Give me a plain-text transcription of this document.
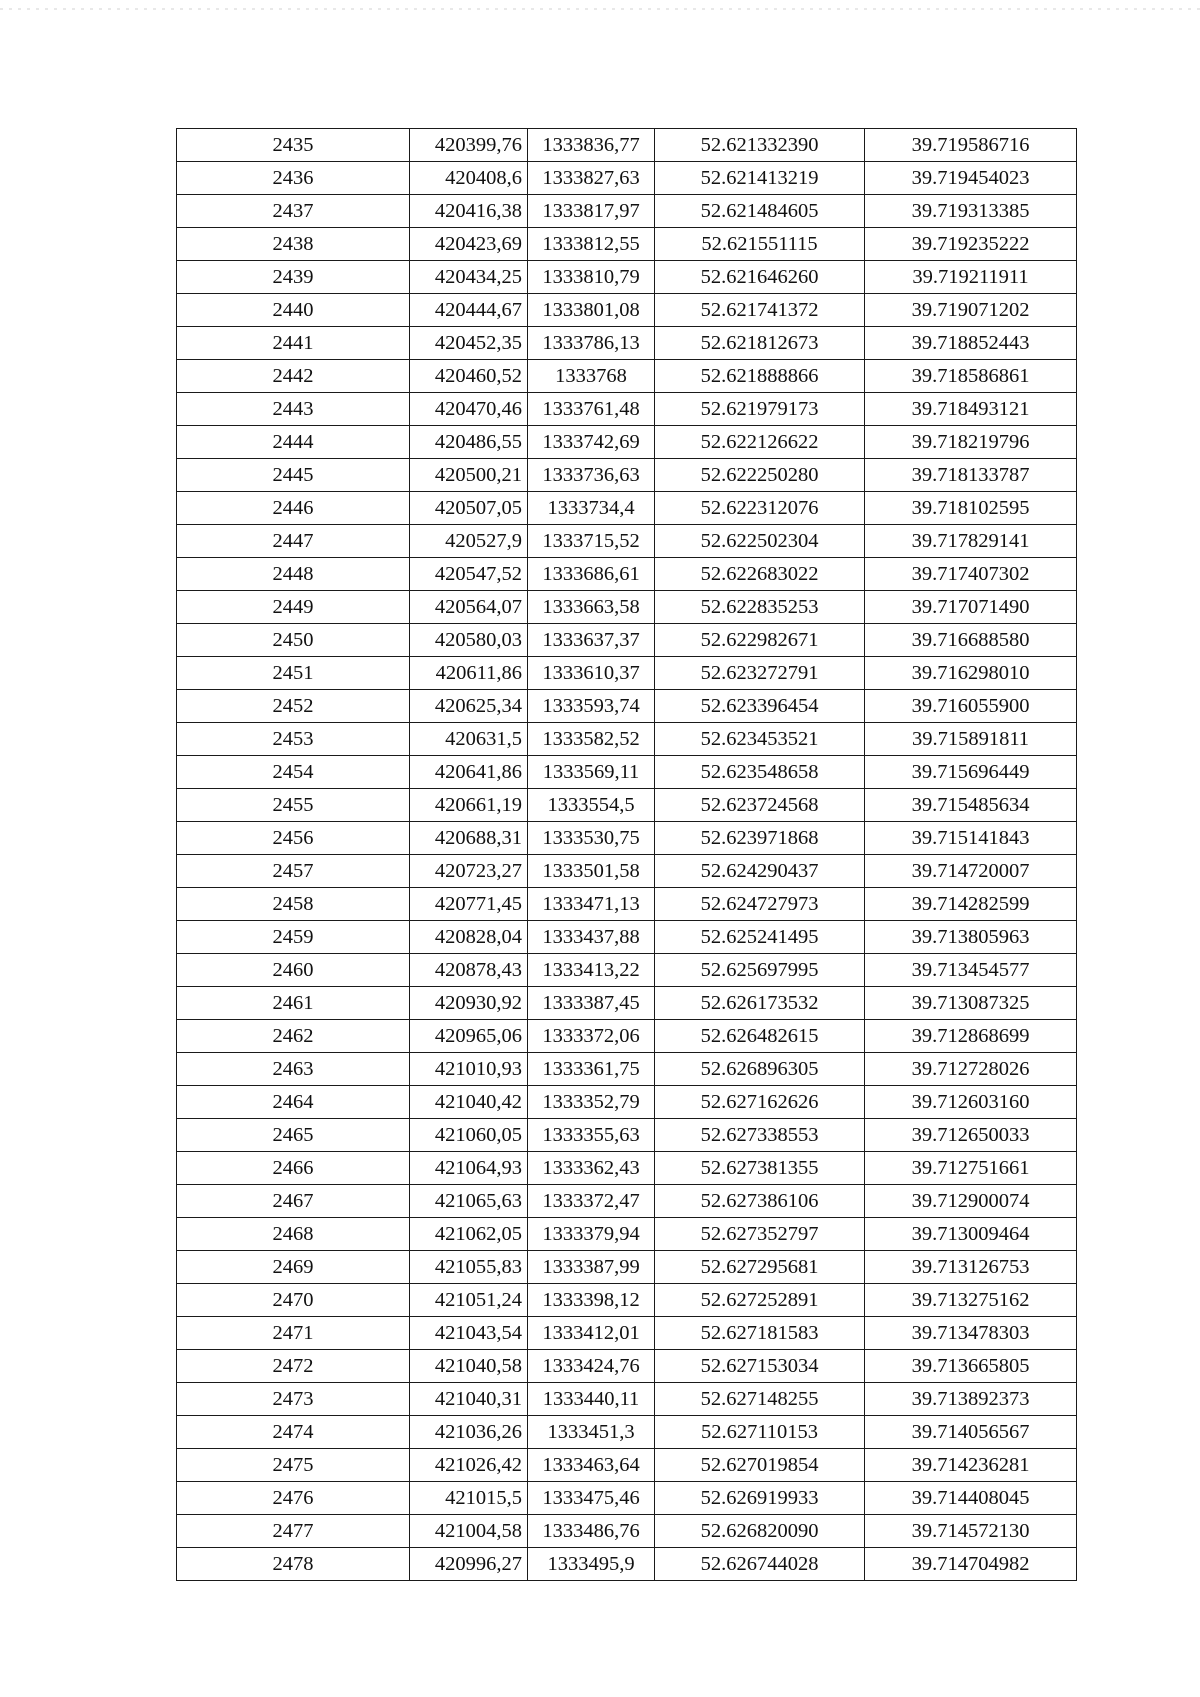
2435	420399,76	1333836,77	52.621332390	39.719586716
2436	420408,6	1333827,63	52.621413219	39.719454023
2437	420416,38	1333817,97	52.621484605	39.719313385
2438	420423,69	1333812,55	52.621551115	39.719235222
2439	420434,25	1333810,79	52.621646260	39.719211911
2440	420444,67	1333801,08	52.621741372	39.719071202
2441	420452,35	1333786,13	52.621812673	39.718852443
2442	420460,52	1333768	52.621888866	39.718586861
2443	420470,46	1333761,48	52.621979173	39.718493121
2444	420486,55	1333742,69	52.622126622	39.718219796
2445	420500,21	1333736,63	52.622250280	39.718133787
2446	420507,05	1333734,4	52.622312076	39.718102595
2447	420527,9	1333715,52	52.622502304	39.717829141
2448	420547,52	1333686,61	52.622683022	39.717407302
2449	420564,07	1333663,58	52.622835253	39.717071490
2450	420580,03	1333637,37	52.622982671	39.716688580
2451	420611,86	1333610,37	52.623272791	39.716298010
2452	420625,34	1333593,74	52.623396454	39.716055900
2453	420631,5	1333582,52	52.623453521	39.715891811
2454	420641,86	1333569,11	52.623548658	39.715696449
2455	420661,19	1333554,5	52.623724568	39.715485634
2456	420688,31	1333530,75	52.623971868	39.715141843
2457	420723,27	1333501,58	52.624290437	39.714720007
2458	420771,45	1333471,13	52.624727973	39.714282599
2459	420828,04	1333437,88	52.625241495	39.713805963
2460	420878,43	1333413,22	52.625697995	39.713454577
2461	420930,92	1333387,45	52.626173532	39.713087325
2462	420965,06	1333372,06	52.626482615	39.712868699
2463	421010,93	1333361,75	52.626896305	39.712728026
2464	421040,42	1333352,79	52.627162626	39.712603160
2465	421060,05	1333355,63	52.627338553	39.712650033
2466	421064,93	1333362,43	52.627381355	39.712751661
2467	421065,63	1333372,47	52.627386106	39.712900074
2468	421062,05	1333379,94	52.627352797	39.713009464
2469	421055,83	1333387,99	52.627295681	39.713126753
2470	421051,24	1333398,12	52.627252891	39.713275162
2471	421043,54	1333412,01	52.627181583	39.713478303
2472	421040,58	1333424,76	52.627153034	39.713665805
2473	421040,31	1333440,11	52.627148255	39.713892373
2474	421036,26	1333451,3	52.627110153	39.714056567
2475	421026,42	1333463,64	52.627019854	39.714236281
2476	421015,5	1333475,46	52.626919933	39.714408045
2477	421004,58	1333486,76	52.626820090	39.714572130
2478	420996,27	1333495,9	52.626744028	39.714704982
